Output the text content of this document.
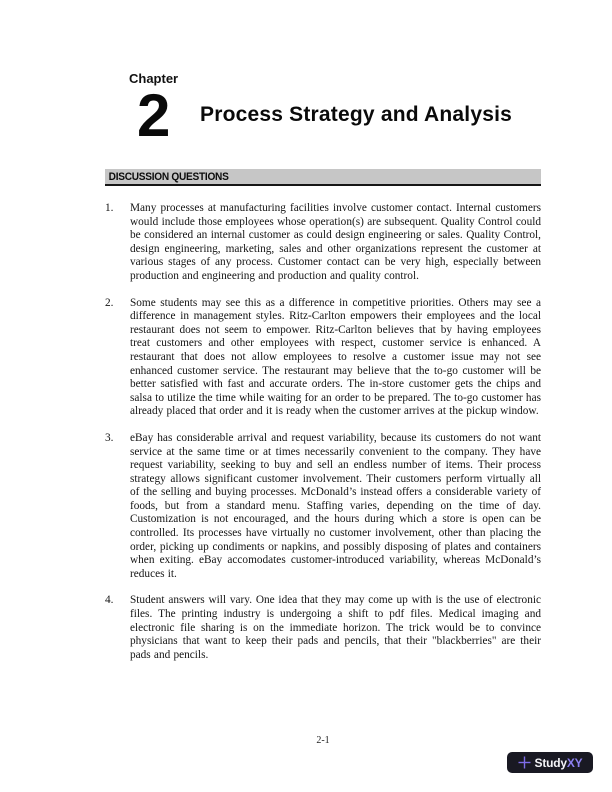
Chapter
2 Process Strategy and Analysis
DISCUSSION QUESTIONS
1.	Many processes at manufacturing facilities involve customer contact. Internal customers would include those employees whose operation(s) are subsequent. Quality Control could be considered an internal customer as could design engineering or sales. Quality Control, design engineering, marketing, sales and other organizations represent the customer at various stages of any process. Customer contact can be very high, especially between production and engineering and production and quality control.
2.	Some students may see this as a difference in competitive priorities. Others may see a difference in management styles. Ritz-Carlton empowers their employees and the local restaurant does not seem to empower. Ritz-Carlton believes that by having employees treat customers and other employees with respect, customer service is enhanced. A restaurant that does not allow employees to resolve a customer issue may not see enhanced customer service. The restaurant may believe that the to-go customer will be better satisfied with fast and accurate orders. The in-store customer gets the chips and salsa to utilize the time while waiting for an order to be prepared. The to-go customer has already placed that order and it is ready when the customer arrives at the pickup window.
3.	eBay has considerable arrival and request variability, because its customers do not want service at the same time or at times necessarily convenient to the company. They have request variability, seeking to buy and sell an endless number of items. Their process strategy allows significant customer involvement. Their customers perform virtually all of the selling and buying processes. McDonald’s instead offers a considerable variety of foods, but from a standard menu. Staffing varies, depending on the time of day. Customization is not encouraged, and the hours during which a store is open can be controlled. Its processes have virtually no customer involvement, other than placing the order, picking up condiments or napkins, and possibly disposing of plates and containers when exiting. eBay accomodates customer-introduced variability, whereas McDonald’s reduces it.
4.	Student answers will vary. One idea that they may come up with is the use of electronic files. The printing industry is undergoing a shift to pdf files. Medical imaging and electronic file sharing is on the immediate horizon. The trick would be to convince physicians that want to keep their pads and pencils, that their "blackberries" are their pads and pencils.
2-1
StudyXY
